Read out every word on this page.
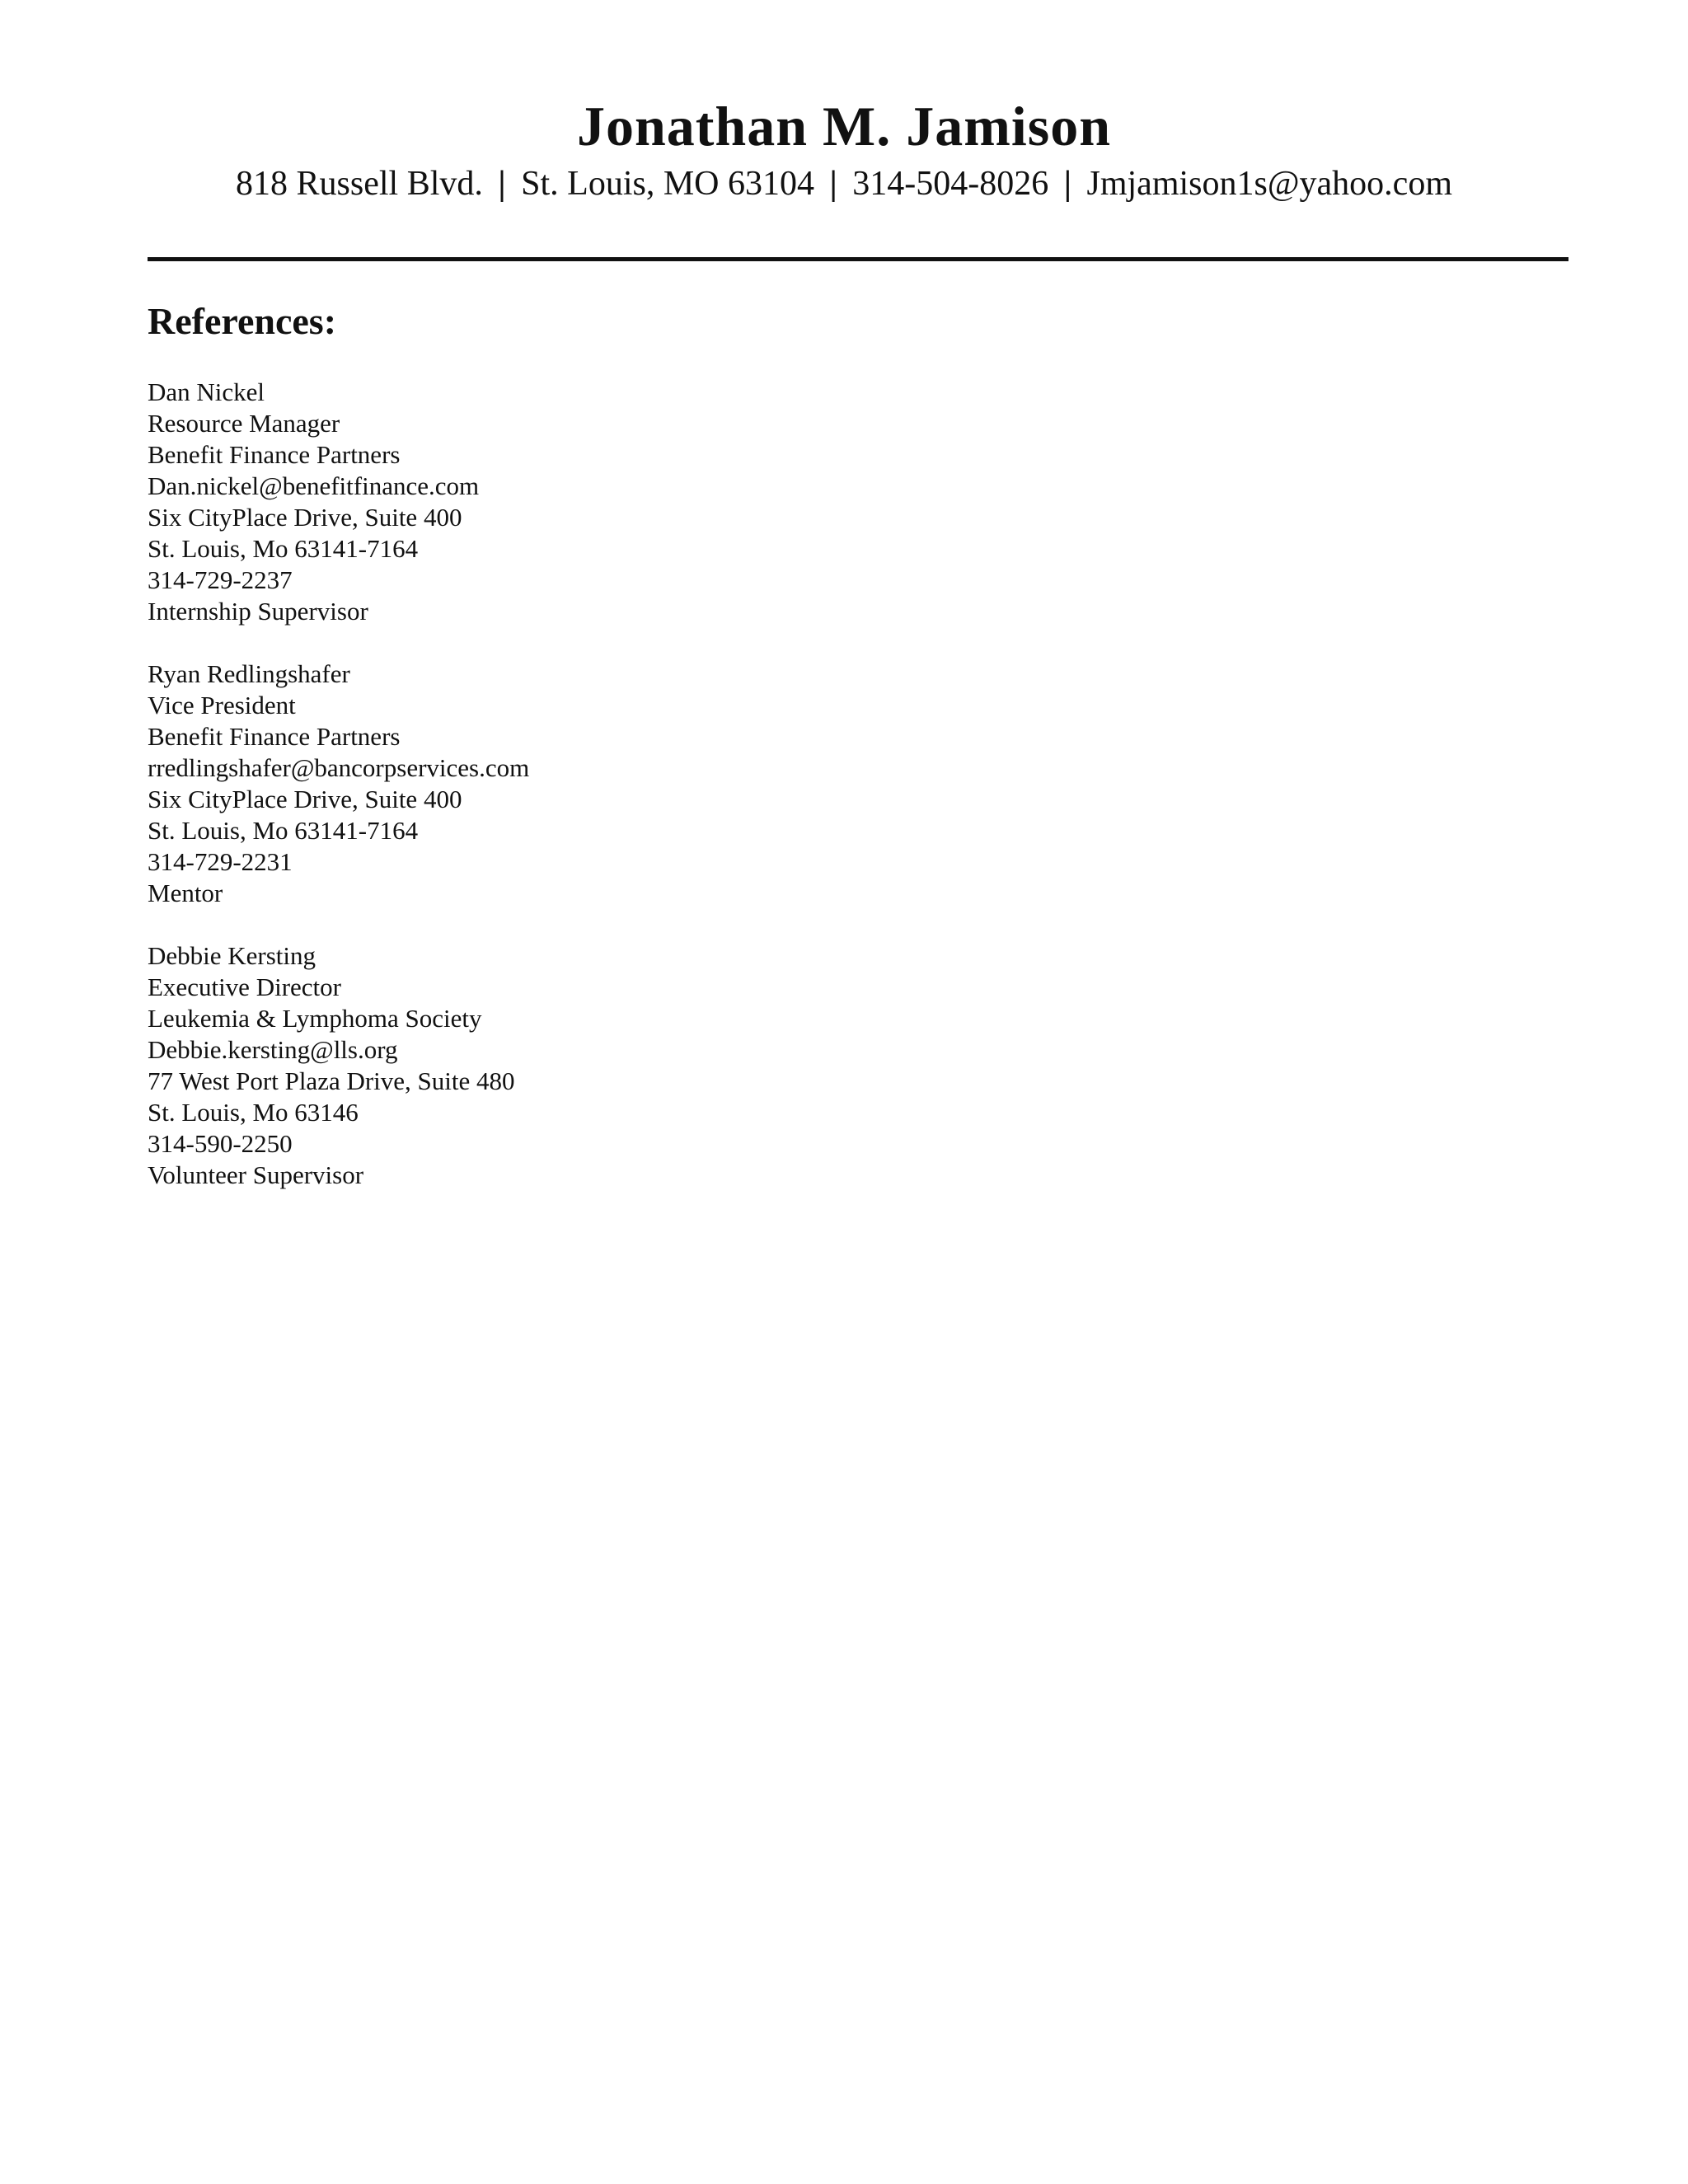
Jonathan M. Jamison
818 Russell Blvd. | St. Louis, MO 63104 | 314-504-8026 | Jmjamison1s@yahoo.com
References:
Dan Nickel
Resource Manager
Benefit Finance Partners
Dan.nickel@benefitfinance.com
Six CityPlace Drive, Suite 400
St. Louis, Mo 63141-7164
314-729-2237
Internship Supervisor
Ryan Redlingshafer
Vice President
Benefit Finance Partners
rredlingshafer@bancorpservices.com
Six CityPlace Drive, Suite 400
St. Louis, Mo 63141-7164
314-729-2231
Mentor
Debbie Kersting
Executive Director
Leukemia & Lymphoma Society
Debbie.kersting@lls.org
77 West Port Plaza Drive, Suite 480
St. Louis, Mo 63146
314-590-2250
Volunteer Supervisor
